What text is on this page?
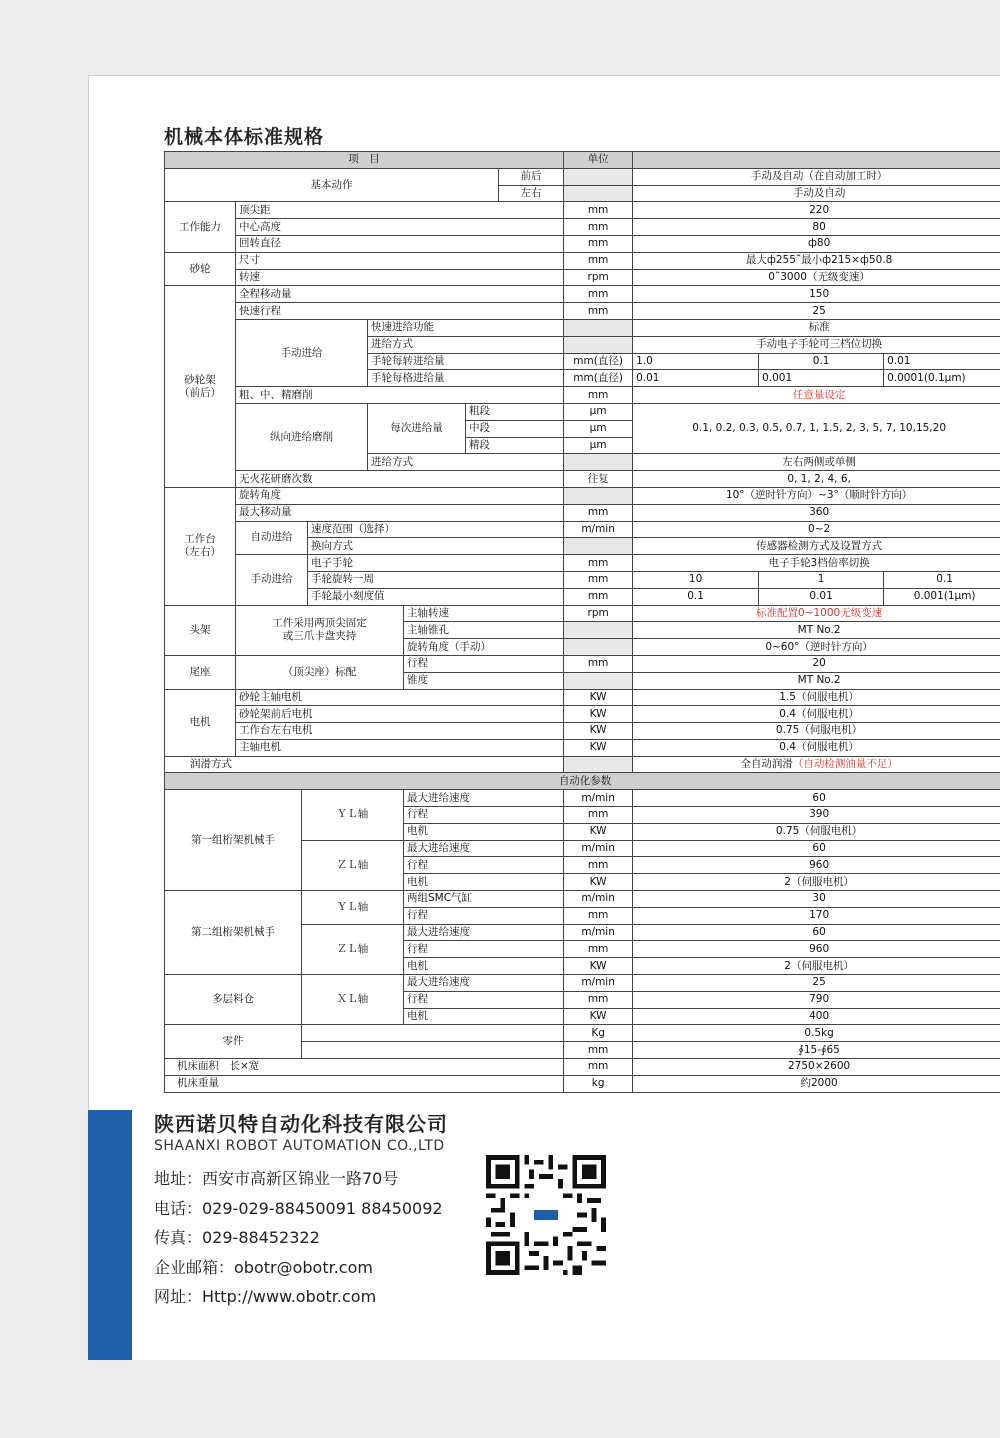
机械本体标准规格
项　目								单位			
基本动作							前后		手动及自动（在自动加工时）		
							左右		手动及自动		
工作能力	顶尖距							mm	220		
	中心高度							mm	80		
	回转直径							mm	ф80		
砂轮	尺寸							mm	最大ф255˜最小ф215×ф50.8		
	转速							rpm	0˜3000（无级变速）		
砂轮架
（前后）	全程移动量							mm	150		
	快速行程							mm	25		
	手动进给			快速进给功能					标准		
				进给方式					手动电子手轮可三档位切换		
				手轮每转进给量				mm(直径)	1.0	0.1	0.01
				手轮每格进给量				mm(直径)	0.01	0.001	0.0001(0.1μm)
	粗、中、精磨削							mm	任意量设定		
	纵向进给磨削			每次进给量		粗段		μm	0.1, 0.2, 0.3, 0.5, 0.7, 1, 1.5, 2, 3, 5, 7, 10,15,20		
						中段		μm			
						精段		μm			
				进给方式					左右两侧或单侧		
	无火花研磨次数							往复	0, 1, 2, 4, 6,		
工作台
（左右）	旋转角度								10°（逆时针方向）~3°（顺时针方向）		
	最大移动量							mm	360		
	自动进给		速度范围（选择）					m/min	0~2		
			换向方式						传感器检测方式及设置方式		
	手动进给		电子手轮					mm	电子手轮3档倍率切换		
			手轮旋转一周					mm	10	1	0.1
			手轮最小刻度值					mm	0.1	0.01	0.001(1μm)
头架	工件采用两顶尖固定
或三爪卡盘夹持				主轴转速			rpm	标准配置0~1000无级变速		
					主轴锥孔				MT No.2		
					旋转角度（手动）				0~60°（逆时针方向）		
尾座	（顶尖座）标配				行程			mm	20		
					锥度				MT No.2		
电机	砂轮主轴电机							KW	1.5（伺服电机）		
	砂轮架前后电机							KW	0.4（伺服电机）		
	工作台左右电机							KW	0.75（伺服电机）		
	主轴电机							KW	0.4（伺服电机）		
润滑方式									全自动润滑（自动检测油量不足）		
自动化参数											
第一组桁架机械手		ＹＬ轴			最大进给速度			m/min	60		
					行程			mm	390		
					电机			KW	0.75（伺服电机）		
		ＺＬ轴			最大进给速度			m/min	60		
					行程			mm	960		
					电机			KW	2（伺服电机）		
第二组桁架机械手		ＹＬ轴			两组SMC气缸			m/min	30		
					行程			mm	170		
		ＺＬ轴			最大进给速度			m/min	60		
					行程			mm	960		
					电机			KW	2（伺服电机）		
多层料仓		ＸＬ轴			最大进给速度			m/min	25		
					行程			mm	790		
					电机			KW	400		
零件								Kg	0.5kg		
								mm	∮15-∮65		
机床面积　长×宽								mm	2750×2600		
机床重量								kg	约2000		
陕西诺贝特自动化科技有限公司
SHAANXI ROBOT AUTOMATION CO.,LTD
地址：西安市高新区锦业一路70号
电话：029-029-88450091 88450092
传真：029-88452322
企业邮箱：obotr@obotr.com
网址：Http://www.obotr.com
